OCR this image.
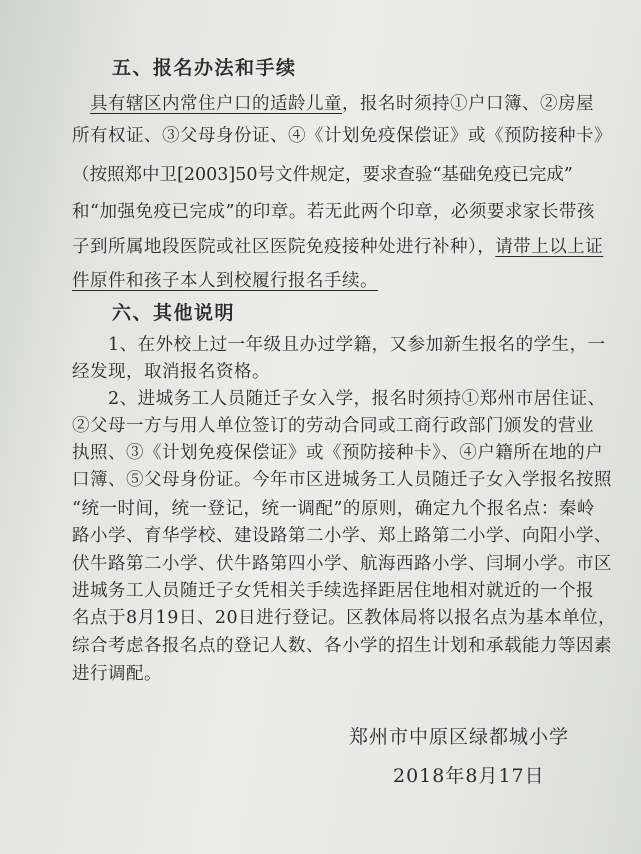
五、报名办法和手续
具有辖区内常住户口的适龄儿童，报名时须持①户口簿、②房屋
所有权证、③父母身份证、④《计划免疫保偿证》或《预防接种卡》
（按照郑中卫[2003]50号文件规定，要求查验“基础免疫已完成”
和“加强免疫已完成”的印章。若无此两个印章，必须要求家长带孩
子到所属地段医院或社区医院免疫接种处进行补种），请带上以上证
件原件和孩子本人到校履行报名手续。
六、其他说明
1、在外校上过一年级且办过学籍，又参加新生报名的学生，一
经发现，取消报名资格。
2、进城务工人员随迁子女入学，报名时须持①郑州市居住证、
②父母一方与用人单位签订的劳动合同或工商行政部门颁发的营业
执照、③《计划免疫保偿证》或《预防接种卡》、④户籍所在地的户
口簿、⑤父母身份证。今年市区进城务工人员随迁子女入学报名按照
“统一时间，统一登记，统一调配”的原则，确定九个报名点：秦岭
路小学、育华学校、建设路第二小学、郑上路第二小学、向阳小学、
伏牛路第二小学、伏牛路第四小学、航海西路小学、闫垌小学。市区
进城务工人员随迁子女凭相关手续选择距居住地相对就近的一个报
名点于8月19日、20日进行登记。区教体局将以报名点为基本单位，
综合考虑各报名点的登记人数、各小学的招生计划和承载能力等因素
进行调配。
郑州市中原区绿都城小学
2018年8月17日
